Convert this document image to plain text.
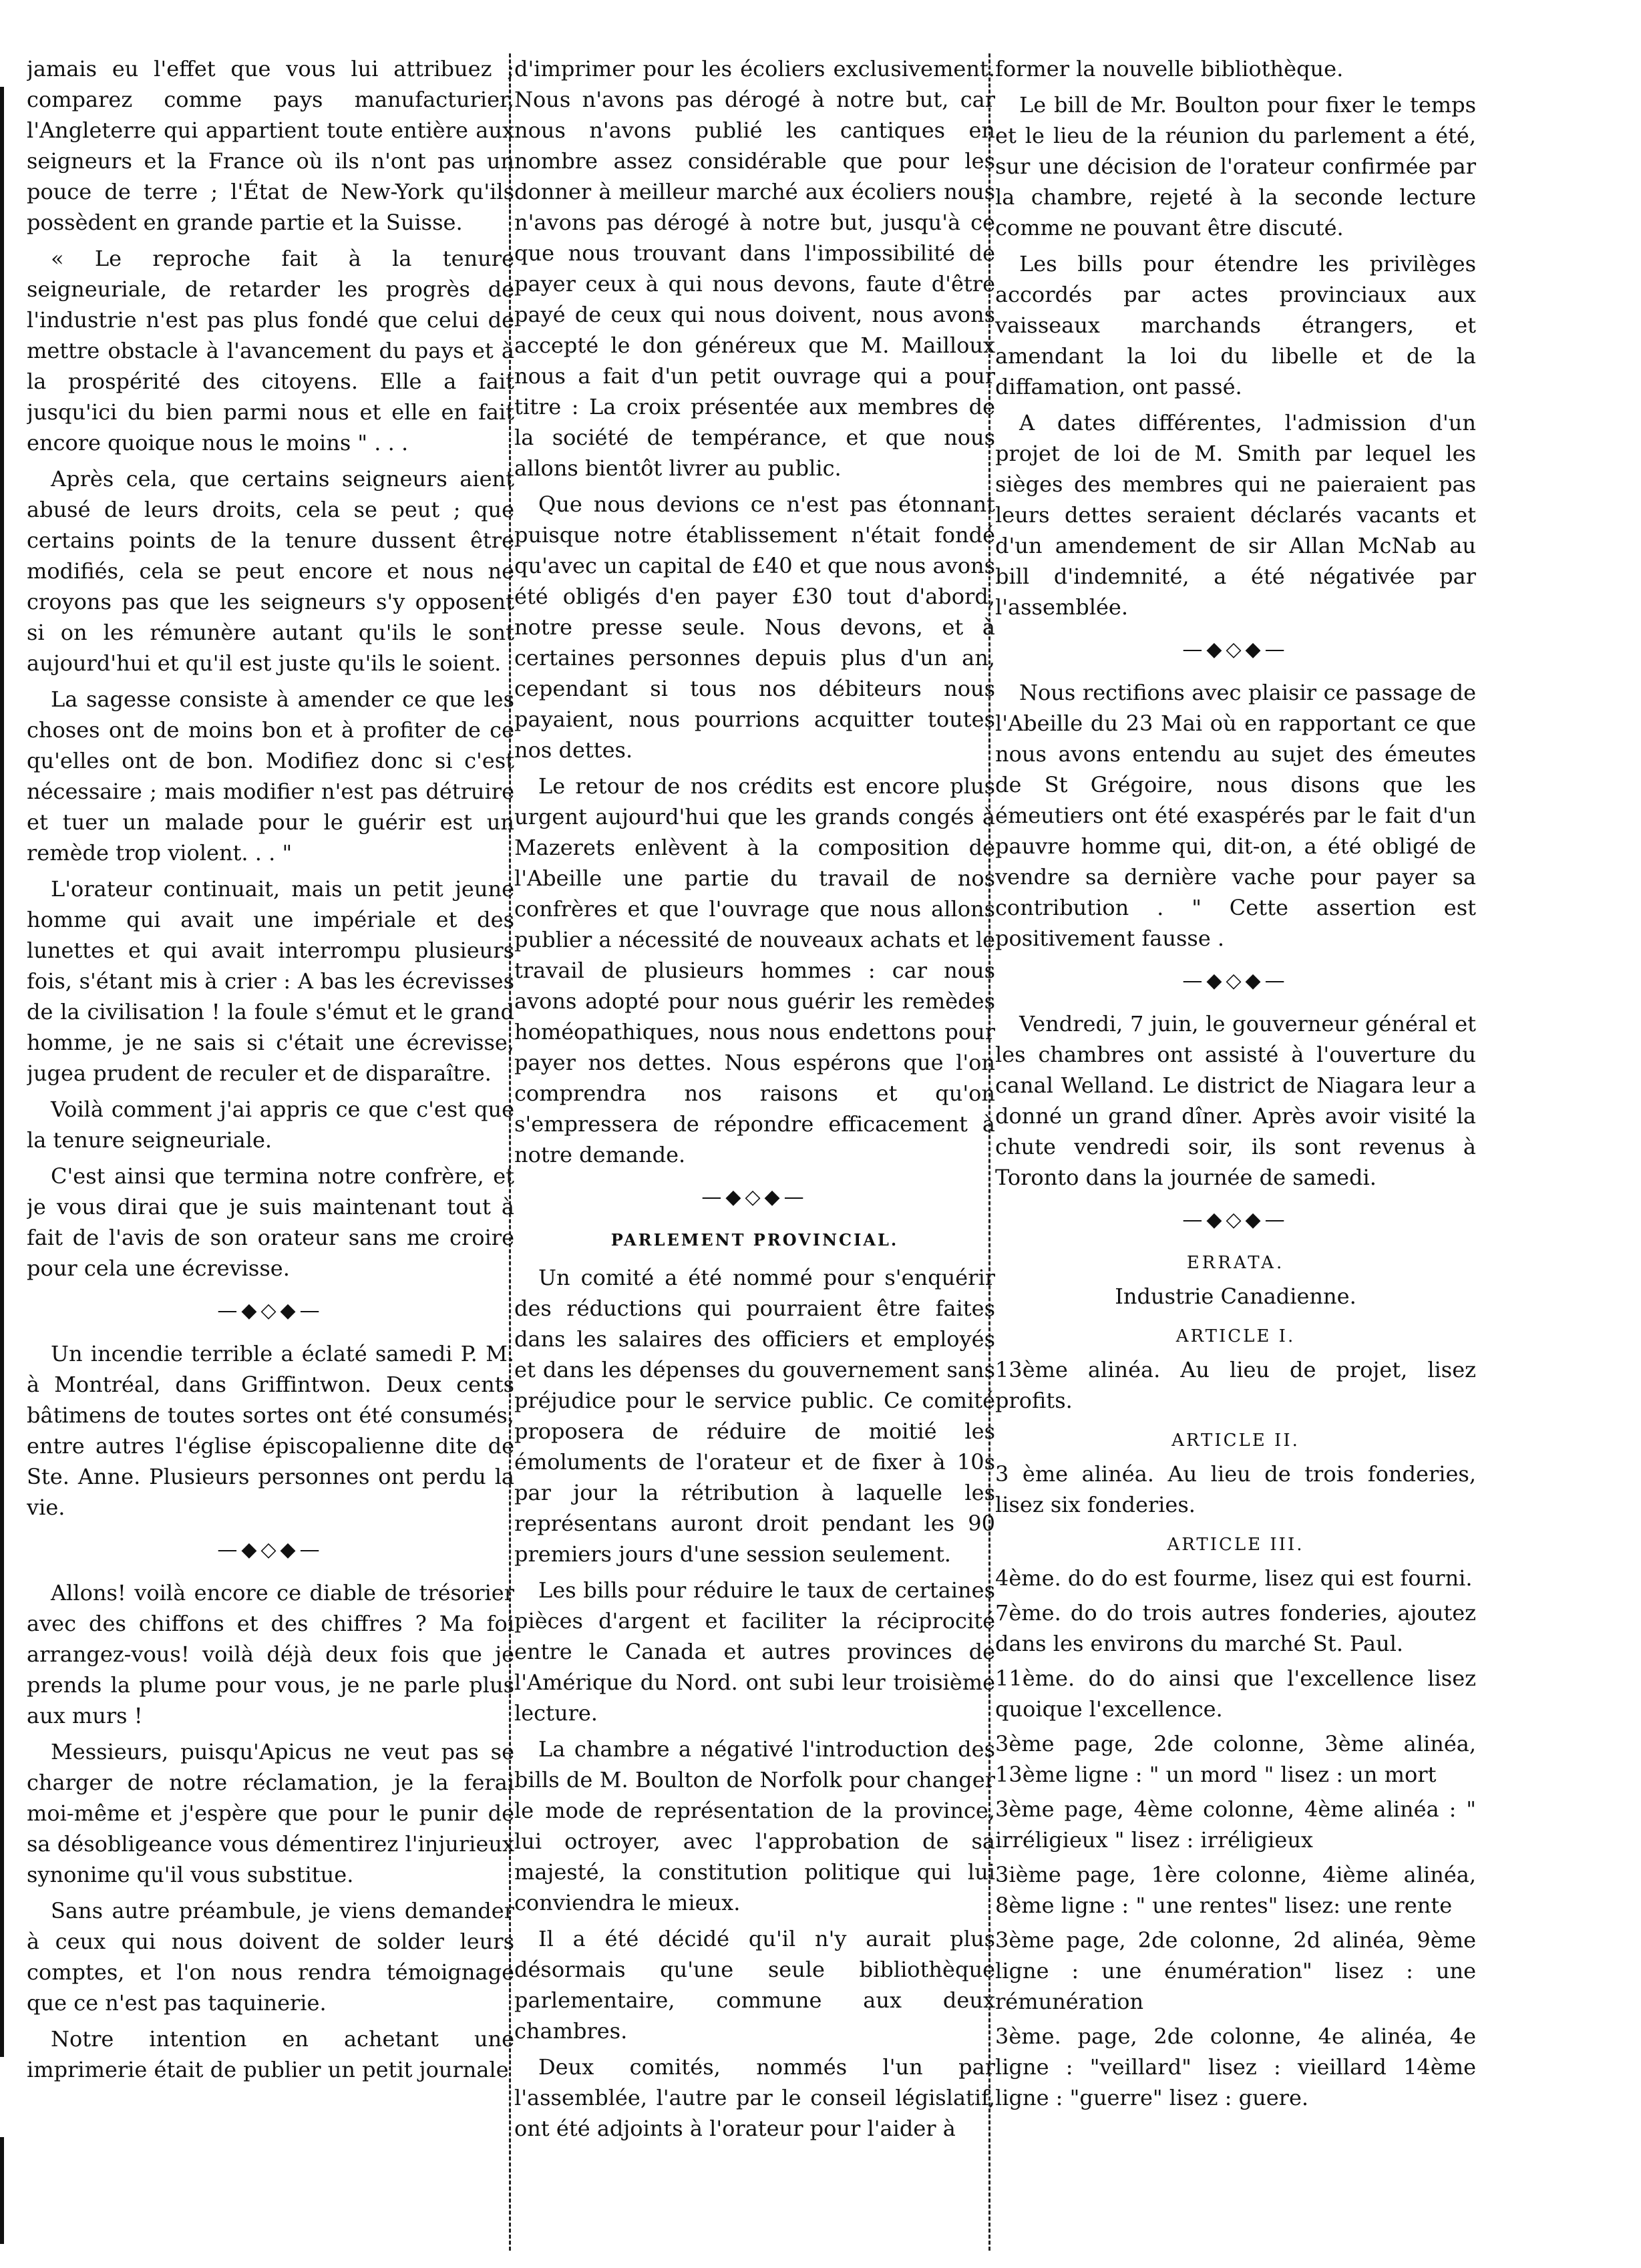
jamais eu l'effet que vous lui attribuez ; comparez comme pays manufacturier, l'Angleterre qui appartient toute entière aux seigneurs et la France où ils n'ont pas un pouce de terre ; l'État de New-York qu'ils possèdent en grande partie et la Suisse.

« Le reproche fait à la tenure seigneuriale, de retarder les progrès de l'industrie n'est pas plus fondé que celui de mettre obstacle à l'avancement du pays et à la prospérité des citoyens. Elle a fait jusqu'ici du bien parmi nous et elle en fait encore quoique nous le moins " . . .

Après cela, que certains seigneurs aient abusé de leurs droits, cela se peut ; que certains points de la tenure dussent être modifiés, cela se peut encore et nous ne croyons pas que les seigneurs s'y opposent si on les rémunère autant qu'ils le sont aujourd'hui et qu'il est juste qu'ils le soient.

La sagesse consiste à amender ce que les choses ont de moins bon et à profiter de ce qu'elles ont de bon. Modifiez donc si c'est nécessaire ; mais modifier n'est pas détruire et tuer un malade pour le guérir est un remède trop violent. . . "

L'orateur continuait, mais un petit jeune homme qui avait une impériale et des lunettes et qui avait interrompu plusieurs fois, s'étant mis à crier : A bas les écrevisses de la civilisation ! la foule s'émut et le grand homme, je ne sais si c'était une écrevisse, jugea prudent de reculer et de disparaître.

Voilà comment j'ai appris ce que c'est que la tenure seigneuriale.

C'est ainsi que termina notre confrère, et je vous dirai que je suis maintenant tout à fait de l'avis de son orateur sans me croire pour cela une écrevisse.

—◆◇◆—

Un incendie terrible a éclaté samedi P. M. à Montréal, dans Griffintwon. Deux cents bâtimens de toutes sortes ont été consumés, entre autres l'église épiscopalienne dite de Ste. Anne. Plusieurs personnes ont perdu la vie.

—◆◇◆—

Allons! voilà encore ce diable de trésorier avec des chiffons et des chiffres ? Ma foi arrangez-vous! voilà déjà deux fois que je prends la plume pour vous, je ne parle plus aux murs !

Messieurs, puisqu'Apicus ne veut pas se charger de notre réclamation, je la ferai moi-même et j'espère que pour le punir de sa désobligeance vous démentirez l'injurieux synonime qu'il vous substitue.

Sans autre préambule, je viens demander à ceux qui nous doivent de solder leurs comptes, et l'on nous rendra témoignage que ce n'est pas taquinerie.

Notre intention en achetant une imprimerie était de publier un petit journale

d'imprimer pour les écoliers exclusivement. Nous n'avons pas dérogé à notre but, car nous n'avons publié les cantiques en nombre assez considérable que pour les donner à meilleur marché aux écoliers nous n'avons pas dérogé à notre but, jusqu'à ce que nous trouvant dans l'impossibilité de payer ceux à qui nous devons, faute d'être payé de ceux qui nous doivent, nous avons accepté le don généreux que M. Mailloux nous a fait d'un petit ouvrage qui a pour titre : La croix présentée aux membres de la société de tempérance, et que nous allons bientôt livrer au public.

Que nous devions ce n'est pas étonnant puisque notre établissement n'était fondé qu'avec un capital de £40 et que nous avons été obligés d'en payer £30 tout d'abord, notre presse seule. Nous devons, et à certaines personnes depuis plus d'un an, cependant si tous nos débiteurs nous payaient, nous pourrions acquitter toutes nos dettes.

Le retour de nos crédits est encore plus urgent aujourd'hui que les grands congés à Mazerets enlèvent à la composition de l'Abeille une partie du travail de nos confrères et que l'ouvrage que nous allons publier a nécessité de nouveaux achats et le travail de plusieurs hommes : car nous avons adopté pour nous guérir les remèdes homéopathiques, nous nous endettons pour payer nos dettes. Nous espérons que l'on comprendra nos raisons et qu'on s'empressera de répondre efficacement à notre demande.

—◆◇◆—
PARLEMENT PROVINCIAL.

Un comité a été nommé pour s'enquérir des réductions qui pourraient être faites dans les salaires des officiers et employés et dans les dépenses du gouvernement sans préjudice pour le service public. Ce comité proposera de réduire de moitié les émoluments de l'orateur et de fixer à 10s par jour la rétribution à laquelle les représentans auront droit pendant les 90 premiers jours d'une session seulement.

Les bills pour réduire le taux de certaines pièces d'argent et faciliter la réciprocité entre le Canada et autres provinces de l'Amérique du Nord. ont subi leur troisième lecture.

La chambre a négativé l'introduction des bills de M. Boulton de Norfolk pour changer le mode de représentation de la province, lui octroyer, avec l'approbation de sa majesté, la constitution politique qui lui conviendra le mieux.

Il a été décidé qu'il n'y aurait plus désormais qu'une seule bibliothèque parlementaire, commune aux deux chambres.

Deux comités, nommés l'un par l'assemblée, l'autre par le conseil législatif, ont été adjoints à l'orateur pour l'aider à

former la nouvelle bibliothèque.

Le bill de Mr. Boulton pour fixer le temps et le lieu de la réunion du parlement a été, sur une décision de l'orateur confirmée par la chambre, rejeté à la seconde lecture comme ne pouvant être discuté.

Les bills pour étendre les privilèges accordés par actes provinciaux aux vaisseaux marchands étrangers, et amendant la loi du libelle et de la diffamation, ont passé.

A dates différentes, l'admission d'un projet de loi de M. Smith par lequel les sièges des membres qui ne paieraient pas leurs dettes seraient déclarés vacants et d'un amendement de sir Allan McNab au bill d'indemnité, a été négativée par l'assemblée.

—◆◇◆—

Nous rectifions avec plaisir ce passage de l'Abeille du 23 Mai où en rapportant ce que nous avons entendu au sujet des émeutes de St Grégoire, nous disons que les émeutiers ont été exaspérés par le fait d'un pauvre homme qui, dit-on, a été obligé de vendre sa dernière vache pour payer sa contribution . " Cette assertion est positivement fausse .

—◆◇◆—

Vendredi, 7 juin, le gouverneur général et les chambres ont assisté à l'ouverture du canal Welland. Le district de Niagara leur a donné un grand dîner. Après avoir visité la chute vendredi soir, ils sont revenus à Toronto dans la journée de samedi.

—◆◇◆—
ERRATA.
Industrie Canadienne.
ARTICLE I.

13ème alinéa. Au lieu de projet, lisez profits.

ARTICLE II.

3 ème alinéa. Au lieu de trois fonderies, lisez six fonderies.

ARTICLE III.

4ème. do do est fourme, lisez qui est fourni.

7ème. do do trois autres fonderies, ajoutez dans les environs du marché St. Paul.

11ème. do do ainsi que l'excellence lisez quoique l'excellence.

3ème page, 2de colonne, 3ème alinéa, 13ème ligne : " un mord " lisez : un mort

3ème page, 4ème colonne, 4ème alinéa : " irréligieux " lisez : irréligieux

3ième page, 1ère colonne, 4ième alinéa, 8ème ligne : " une rentes" lisez: une rente

3ème page, 2de colonne, 2d alinéa, 9ème ligne : une énumération" lisez : une rémunération

3ème. page, 2de colonne, 4e alinéa, 4e ligne : "veillard" lisez : vieillard 14ème ligne : "guerre" lisez : guere.
